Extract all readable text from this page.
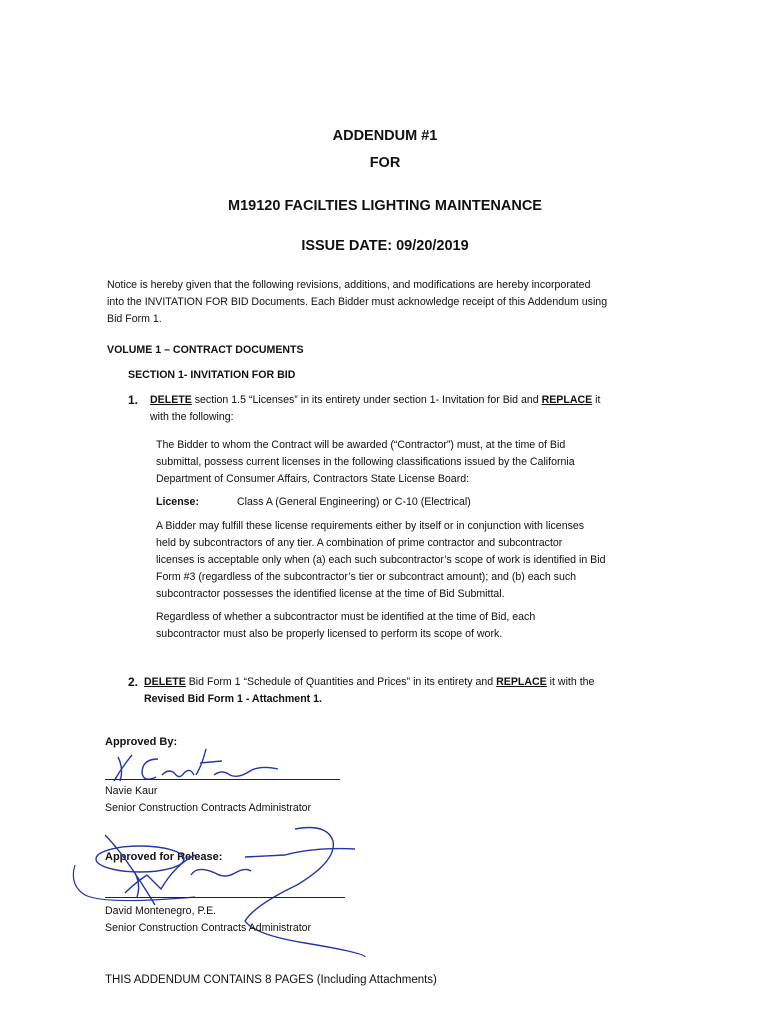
ADDENDUM #1
FOR
M19120 FACILTIES LIGHTING MAINTENANCE
ISSUE DATE: 09/20/2019
Notice is hereby given that the following revisions, additions, and modifications are hereby incorporated
into the INVITATION FOR BID Documents. Each Bidder must acknowledge receipt of this Addendum using
Bid Form 1.
VOLUME 1 – CONTRACT DOCUMENTS
SECTION 1- INVITATION FOR BID
1. DELETE section 1.5 “Licenses” in its entirety under section 1- Invitation for Bid and REPLACE it
with the following:
The Bidder to whom the Contract will be awarded (“Contractor”) must, at the time of Bid
submittal, possess current licenses in the following classifications issued by the California
Department of Consumer Affairs, Contractors State License Board:
License:	Class A (General Engineering) or C-10 (Electrical)
A Bidder may fulfill these license requirements either by itself or in conjunction with licenses
held by subcontractors of any tier. A combination of prime contractor and subcontractor
licenses is acceptable only when (a) each such subcontractor’s scope of work is identified in Bid
Form #3 (regardless of the subcontractor’s tier or subcontract amount); and (b) each such
subcontractor possesses the identified license at the time of Bid Submittal.
Regardless of whether a subcontractor must be identified at the time of Bid, each
subcontractor must also be properly licensed to perform its scope of work.
2. DELETE Bid Form 1 “Schedule of Quantities and Prices” in its entirety and REPLACE it with the
Revised Bid Form 1 - Attachment 1.
Approved By:
Navie Kaur
Senior Construction Contracts Administrator
Approved for Release:
David Montenegro, P.E.
Senior Construction Contracts Administrator
THIS ADDENDUM CONTAINS 8 PAGES (Including Attachments)
